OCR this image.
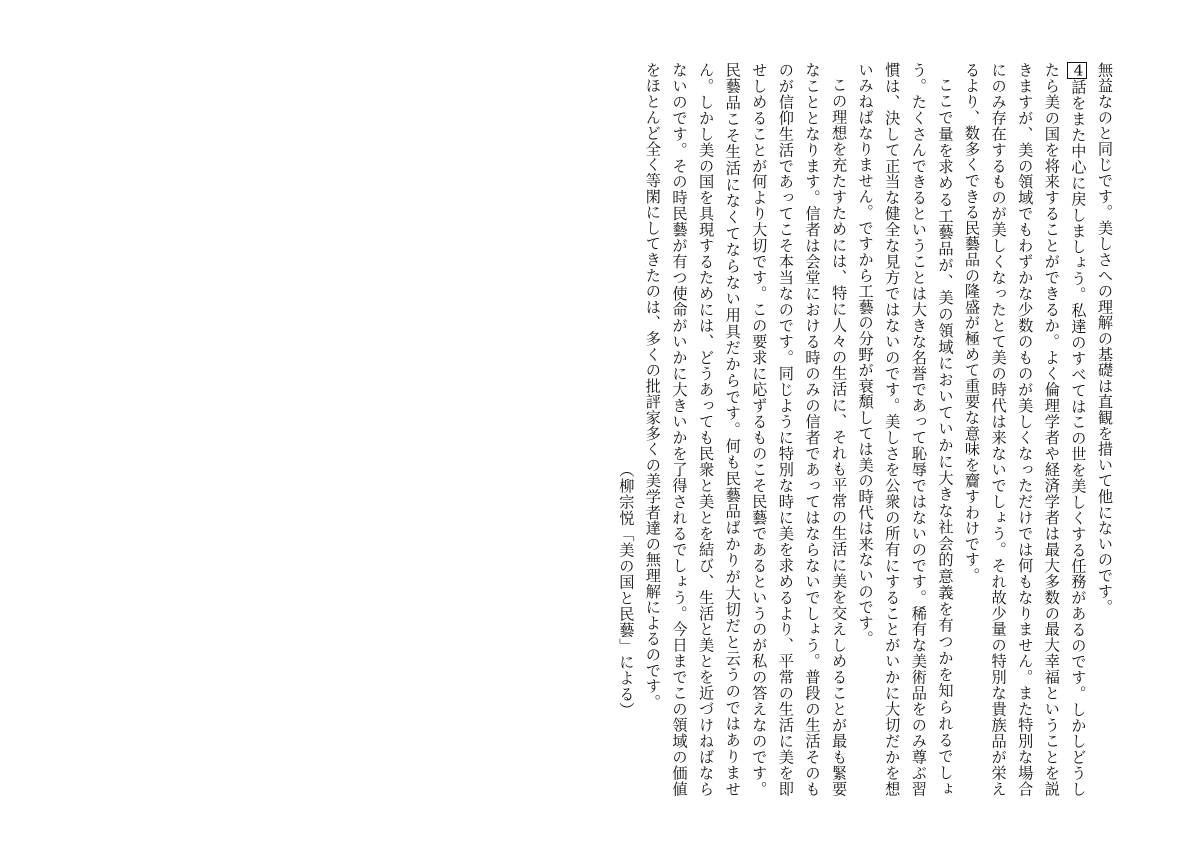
無益なのと同じです。美しさへの理解の基礎は直観を措いて他にないのです。

4話をまた中心に戻しましょう。私達のすべてはこの世を美しくする任務があるのです。しかしどうしたら美の国を将来することができるか。よく倫理学者や経済学者は最大多数の最大幸福ということを説きますが、美の領域でもわずかな少数のものが美しくなっただけでは何もなりません。また特別な場合にのみ存在するものが美しくなったとて美の時代は来ないでしょう。それ故少量の特別な貴族品が栄えるより、数多くできる民藝品の隆盛が極めて重要な意味を齎すわけです。

ここで量を求める工藝品が、美の領域においていかに大きな社会的意義を有つかを知られるでしょう。たくさんできるということは大きな名誉であって恥辱ではないのです。稀有な美術品をのみ尊ぶ習慣は、決して正当な健全な見方ではないのです。美しさを公衆の所有にすることがいかに大切だかを想いみねばなりません。ですから工藝の分野が衰頽しては美の時代は来ないのです。

この理想を充たすためには、特に人々の生活に、それも平常の生活に美を交えしめることが最も緊要なこととなります。信者は会堂における時のみの信者であってはならないでしょう。普段の生活そのものが信仰生活であってこそ本当なのです。同じように特別な時に美を求めるより、平常の生活に美を即せしめることが何より大切です。この要求に応ずるものこそ民藝であるというのが私の答えなのです。民藝品こそ生活になくてならない用具だからです。何も民藝品ばかりが大切だと云うのではありません。しかし美の国を具現するためには、どうあっても民衆と美とを結び、生活と美とを近づけねばならないのです。その時民藝が有つ使命がいかに大きいかを了得されるでしょう。今日までこの領域の価値をほとんど全く等閑にしてきたのは、多くの批評家多くの美学者達の無理解によるのです。

（柳宗悦「美の国と民藝」による）
